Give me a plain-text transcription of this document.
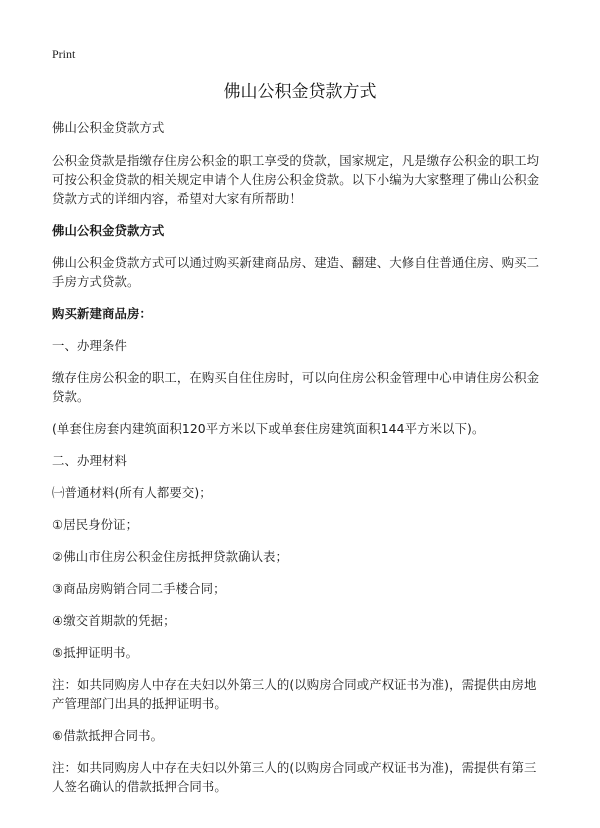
Print
佛山公积金贷款方式

佛山公积金贷款方式

公积金贷款是指缴存住房公积金的职工享受的贷款，国家规定，凡是缴存公积金的职工均可按公积金贷款的相关规定申请个人住房公积金贷款。以下小编为大家整理了佛山公积金贷款方式的详细内容，希望对大家有所帮助！

佛山公积金贷款方式

佛山公积金贷款方式可以通过购买新建商品房、建造、翻建、大修自住普通住房、购买二手房方式贷款。

购买新建商品房：

一、办理条件

缴存住房公积金的职工，在购买自住住房时，可以向住房公积金管理中心申请住房公积金贷款。

(单套住房套内建筑面积120平方米以下或单套住房建筑面积144平方米以下)。

二、办理材料

㈠普通材料(所有人都要交)；

①居民身份证；

②佛山市住房公积金住房抵押贷款确认表；

③商品房购销合同二手楼合同；

④缴交首期款的凭据；

⑤抵押证明书。

注：如共同购房人中存在夫妇以外第三人的(以购房合同或产权证书为准)，需提供由房地产管理部门出具的抵押证明书。

⑥借款抵押合同书。

注：如共同购房人中存在夫妇以外第三人的(以购房合同或产权证书为准)，需提供有第三人签名确认的借款抵押合同书。
